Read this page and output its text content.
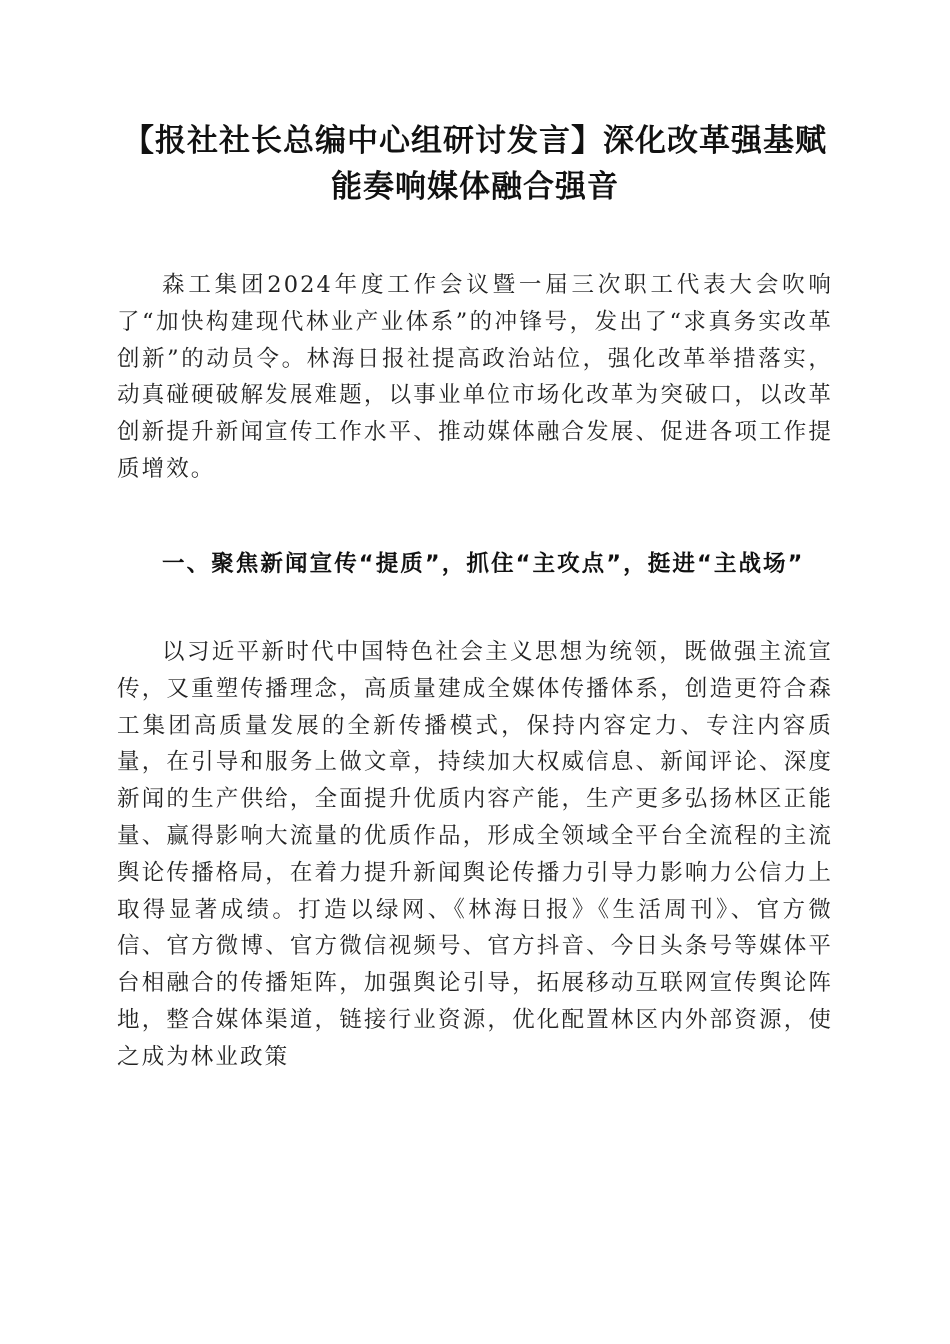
【报社社长总编中心组研讨发言】深化改革强基赋能奏响媒体融合强音

森工集团2024年度工作会议暨一届三次职工代表大会吹响了“加快构建现代林业产业体系”的冲锋号，发出了“求真务实改革创新”的动员令。林海日报社提高政治站位，强化改革举措落实，动真碰硬破解发展难题，以事业单位市场化改革为突破口，以改革创新提升新闻宣传工作水平、推动媒体融合发展、促进各项工作提质增效。

一、聚焦新闻宣传“提质”，抓住“主攻点”，挺进“主战场”

以习近平新时代中国特色社会主义思想为统领，既做强主流宣传，又重塑传播理念，高质量建成全媒体传播体系，创造更符合森工集团高质量发展的全新传播模式，保持内容定力、专注内容质量，在引导和服务上做文章，持续加大权威信息、新闻评论、深度新闻的生产供给，全面提升优质内容产能，生产更多弘扬林区正能量、赢得影响大流量的优质作品，形成全领域全平台全流程的主流舆论传播格局，在着力提升新闻舆论传播力引导力影响力公信力上取得显著成绩。打造以绿网、《林海日报》《生活周刊》、官方微信、官方微博、官方微信视频号、官方抖音、今日头条号等媒体平台相融合的传播矩阵，加强舆论引导，拓展移动互联网宣传舆论阵地，整合媒体渠道，链接行业资源，优化配置林区内外部资源，使之成为林业政策
